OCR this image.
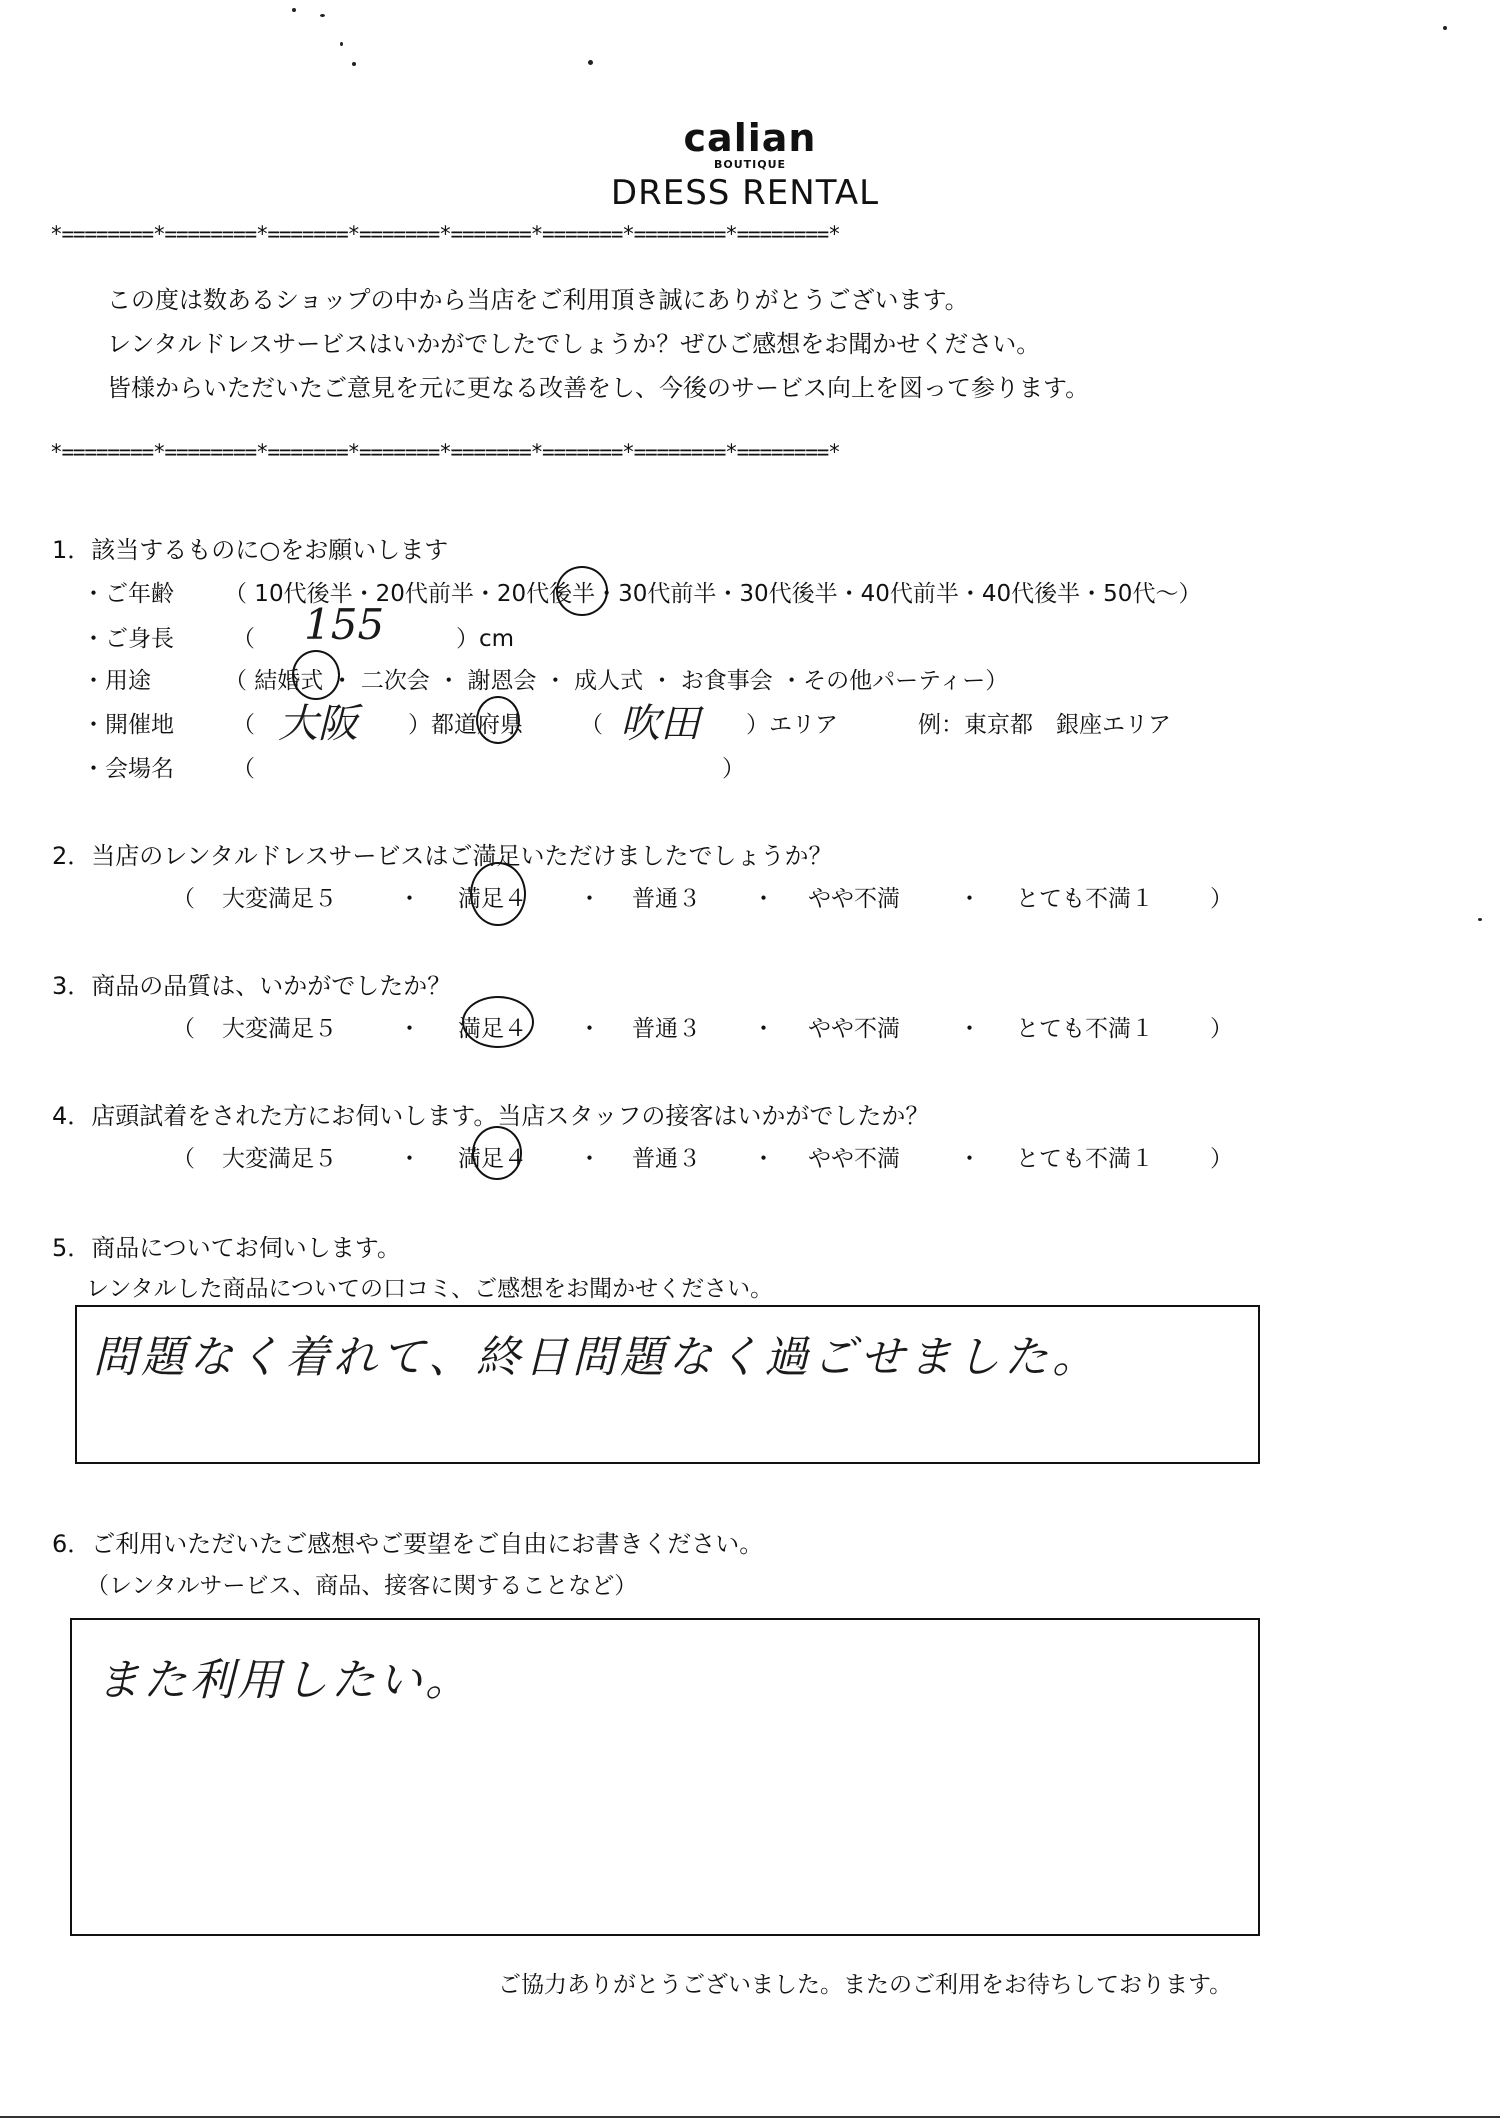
calian
BOUTIQUE
DRESS RENTAL
*========*========*=======*=======*=======*=======*========*========*
*========*========*=======*=======*=======*=======*========*========*
この度は数あるショップの中から当店をご利用頂き誠にありがとうございます。
レンタルドレスサービスはいかがでしたでしょうか？ぜひご感想をお聞かせください。
皆様からいただいたご意見を元に更なる改善をし、今後のサービス向上を図って参ります。
1．該当するものに○をお願いします
・ご年齢 （ 10代後半・20代前半・20代後半・30代前半・30代後半・40代前半・40代後半・50代～）
・ご身長	（ 155	）cm
・用途	（ 結婚式 ・ 二次会 ・ 謝恩会 ・ 成人式 ・ お食事会 ・その他パーティー）
・開催地	（ 大阪 ）都道府県 （ 吹田 ）エリア	例：東京都　銀座エリア
・会場名	（	）
2．当店のレンタルドレスサービスはご満足いただけましたでしょうか？
（ 大変満足５	・ 満足４ ・ 普通３ ・ やや不満	・ とても不満１ ）
3．商品の品質は、いかがでしたか？
（ 大変満足５	・ 満足４ ・ 普通３ ・ やや不満	・ とても不満１ ）
4．店頭試着をされた方にお伺いします。当店スタッフの接客はいかがでしたか？
（ 大変満足５	・ 満足４ ・ 普通３ ・ やや不満	・ とても不満１ ）
5．商品についてお伺いします。
レンタルした商品についての口コミ、ご感想をお聞かせください。
問題なく着れて、終日問題なく過ごせました。
6．ご利用いただいたご感想やご要望をご自由にお書きください。
（レンタルサービス、商品、接客に関することなど）
また利用したい。
ご協力ありがとうございました。またのご利用をお待ちしております。
